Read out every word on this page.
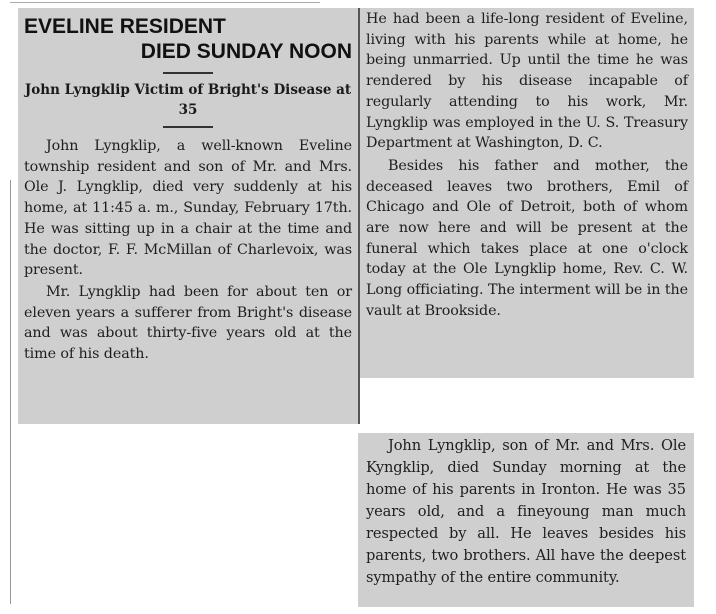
EVELINE RESIDENT
DIED SUNDAY NOON

John Lyngklip Victim of Bright's Disease at 35

John Lyngklip, a well-known Eveline township resident and son of Mr. and Mrs. Ole J. Lyngklip, died very suddenly at his home, at 11:45 a. m., Sunday, February 17th. He was sitting up in a chair at the time and the doctor, F. F. McMillan of Charlevoix, was present.

Mr. Lyngklip had been for about ten or eleven years a sufferer from Bright's disease and was about thirty-five years old at the time of his death.

He had been a life-long resident of Eveline, living with his parents while at home, he being unmarried. Up until the time he was rendered by his disease incapable of regularly attending to his work, Mr. Lyngklip was employed in the U. S. Treasury Department at Washington, D. C.

Besides his father and mother, the deceased leaves two brothers, Emil of Chicago and Ole of Detroit, both of whom are now here and will be present at the funeral which takes place at one o'clock today at the Ole Lyngklip home, Rev. C. W. Long officiating. The interment will be in the vault at Brookside.

John Lyngklip, son of Mr. and Mrs. Ole Kyngklip, died Sunday morning at the home of his parents in Ironton. He was 35 years old, and a fineyoung man much respected by all. He leaves besides his parents, two brothers. All have the deepest sympathy of the entire community.
